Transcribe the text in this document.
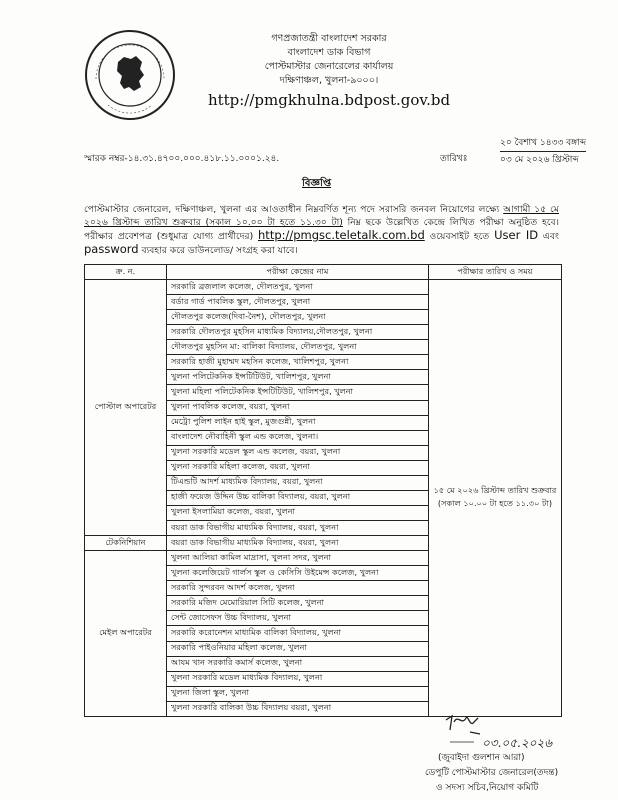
গণপ্রজাতন্ত্রী বাংলাদেশ সরকার
বাংলাদেশ ডাক বিভাগ
পোস্টমাস্টার জেনারেলের কার্যালয়
দক্ষিণাঞ্চল, খুলনা-৯০০০।
http://pmgkhulna.bdpost.gov.bd
স্মারক নম্বর-১৪.৩১.৪৭০০.০০০.৪১৮.১১.০০০১.২৪.	তারিখঃ
২০ বৈশাখ ১৪৩৩ বঙ্গাব্দ
০৩ মে ২০২৬ খ্রিস্টাব্দ
বিজ্ঞপ্তি
পোস্টমাস্টার জেনারেল, দক্ষিণাঞ্চল, খুলনা এর আওতাধীন নিম্নবর্ণিত শূন্য পদে সরাসরি জনবল নিয়োগের লক্ষ্যে আগামী ১৫ মে ২০২৬ খ্রিস্টাব্দ তারিখ শুক্রবার (সকাল ১০.০০ টা হতে ১১.৩০ টা) নিম্ন ছকে উল্লেখিত কেন্দ্রে লিখিত পরীক্ষা অনুষ্ঠিত হবে। পরীক্ষার প্রবেশপত্র (শুধুমাত্র যোগ্য প্রার্থীদের) http://pmgsc.teletalk.com.bd ওয়েবসাইট হতে User ID এবং password ব্যবহার করে ডাউনলোড/ সংগ্রহ করা যাবে।
ক্র. ন.	পরীক্ষা কেন্দ্রের নাম	পরীক্ষার তারিখ ও সময়
পোস্টাল অপারেটর	সরকারি ব্রজলাল কলেজ, দৌলতপুর, খুলনা	১৫ মে ২০২৬ খ্রিস্টাব্দ তারিখ শুক্রবার
(সকাল ১০.০০ টা হতে ১১.৩০ টা)

	বর্ডার গার্ড পাবলিক স্কুল, দৌলতপুর, খুলনা	
	দৌলতপুর কলেজ(দিবা-নৈশ), দৌলতপুর, খুলনা	
	সরকারি দৌলতপুর মুহসিন মাধ্যমিক বিদ্যালয়,দৌলতপুর, খুলনা	
	দৌলতপুর মুহসিন মা: বালিকা বিদ্যালয়, দৌলতপুর, খুলনা	
	সরকারি হাজী মুহাম্মদ মহসিন কলেজ, খালিশপুর, খুলনা	
	খুলনা পলিটেকনিক ইন্সটিটিউট, খালিশপুর, খুলনা	
	খুলনা মহিলা পলিটেকনিক ইন্সটিটিউট, খালিশপুর, খুলনা	
	খুলনা পাবলিক কলেজ, বয়রা, খুলনা	
	মেট্রো পুলিশ লাইন হাই স্কুল, মুজগুন্নী, খুলনা	
	বাংলাদেশ নৌবাহিনী স্কুল এন্ড কলেজ, খুলনা।	
	খুলনা সরকারি মডেল স্কুল এন্ড কলেজ, বয়রা, খুলনা	
	খুলনা সরকারি মহিলা কলেজ, বয়রা, খুলনা	
	টিএন্ডটি আদর্শ মাধ্যমিক বিদ্যালয়, বয়রা, খুলনা	
	হাজী ফয়েজ উদ্দিন উচ্চ বালিকা বিদ্যালয়, বয়রা, খুলনা	
	খুলনা ইসলামিয়া কলেজ, বয়রা, খুলনা	
	বয়রা ডাক বিভাগীয় মাধ্যমিক বিদ্যালয়, বয়রা, খুলনা	
টেকনিশিয়ান	বয়রা ডাক বিভাগীয় মাধ্যমিক বিদ্যালয়, বয়রা, খুলনা	
মেইল অপারেটর	খুলনা আলিয়া কামিল মাদ্রাসা, খুলনা সদর, খুলনা	
	খুলনা কলেজিয়েট গার্লস স্কুল ও কেসিসি উইমেন্স কলেজ, খুলনা	
	সরকারি সুন্দরবন আদর্শ কলেজ, খুলনা	
	সরকারি মজিদ মেমোরিয়াল সিটি কলেজ, খুলনা	
	সেন্ট জোসেফস উচ্চ বিদ্যালয়, খুলনা	
	সরকারি করোনেশন মাধ্যমিক বালিকা বিদ্যালয়, খুলনা	
	সরকারি পাইওনিয়ার মহিলা কলেজ, খুলনা	
	আযম খান সরকারি কমার্স কলেজ, খুলনা	
	খুলনা সরকারি মডেল মাধ্যমিক বিদ্যালয়, খুলনা	
	খুলনা জিলা স্কুল, খুলনা	
	খুলনা সরকারি বালিকা উচ্চ বিদ্যালয় বয়রা, খুলনা	
০৩.০৫.২০২৬
(জুবাইদা গুলশান আরা)
ডেপুটি পোস্টমাস্টার জেনারেল(তদন্ত)
ও সদস্য সচিব,নিয়োগ কমিটি
